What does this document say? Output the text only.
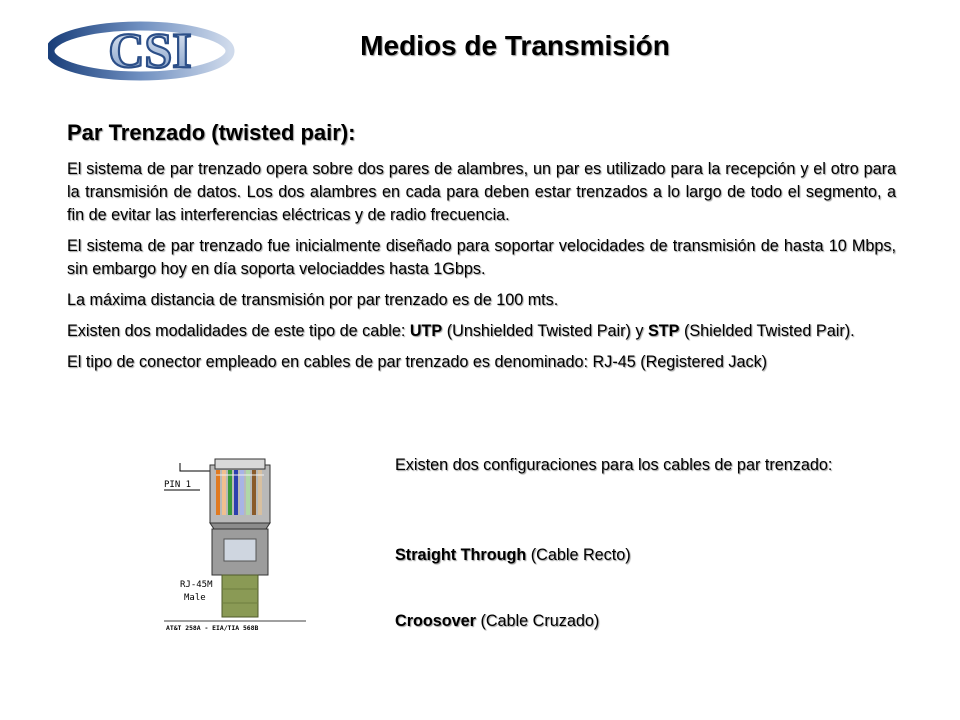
CSI	Medios de Transmisión
Par Trenzado (twisted pair):

El sistema de par trenzado opera sobre dos pares de alambres, un par es utilizado para la recepción y el otro para la transmisión de datos. Los dos alambres en cada para deben estar trenzados a lo largo de todo el segmento, a fin de evitar las interferencias eléctricas y de radio frecuencia.

El sistema de par trenzado fue inicialmente diseñado para soportar velocidades de transmisión de hasta 10 Mbps, sin embargo hoy en día soporta velociaddes hasta 1Gbps.

La máxima distancia de transmisión por par trenzado es de 100 mts.

Existen dos modalidades de este tipo de cable: UTP (Unshielded Twisted Pair) y STP (Shielded Twisted Pair).

El tipo de conector empleado en cables de par trenzado es denominado: RJ-45 (Registered Jack)

PIN 1
RJ-45M
Male
AT&T 258A - EIA/TIA 568B

Existen dos configuraciones para los cables de par trenzado:

Straight Through (Cable Recto)

Croosover (Cable Cruzado)
